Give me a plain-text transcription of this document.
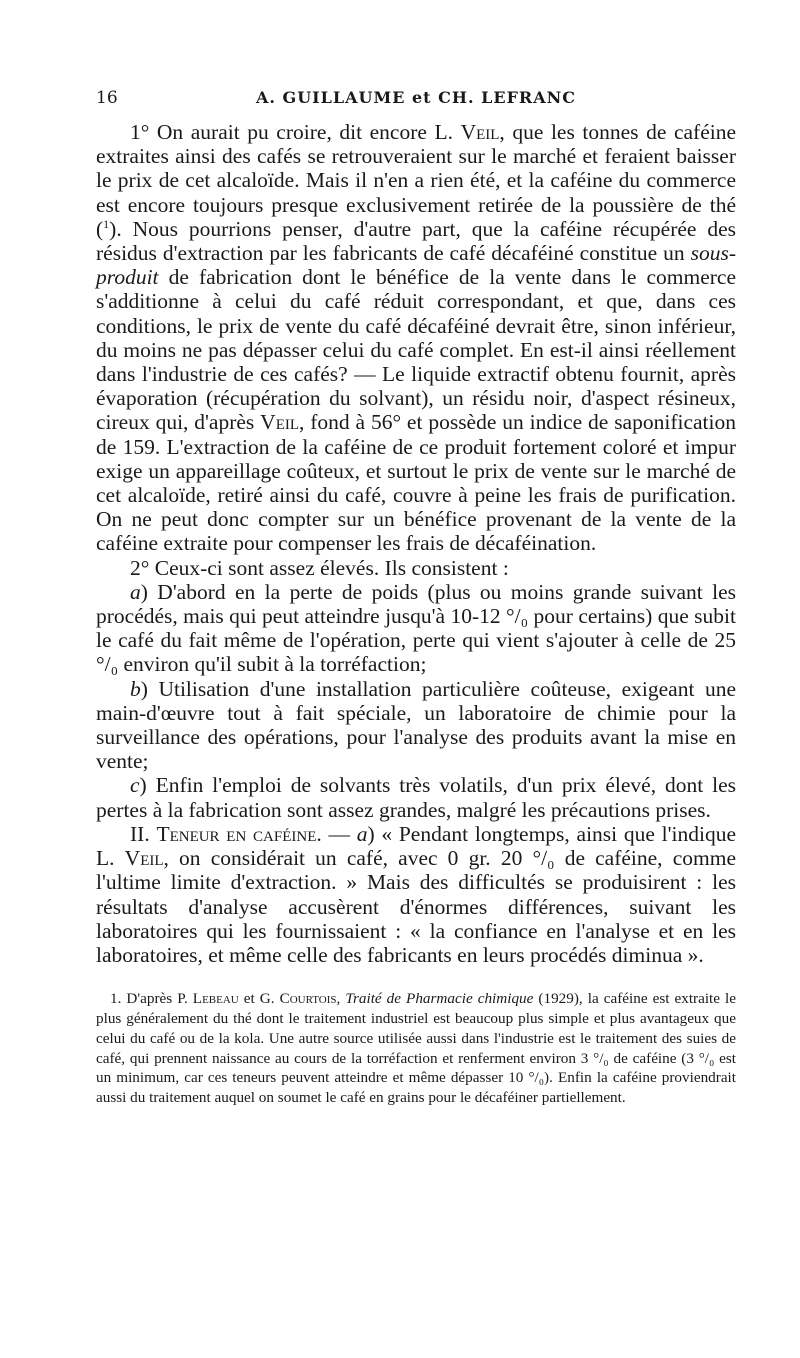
16	A. GUILLAUME et CH. LEFRANC

1° On aurait pu croire, dit encore L. Veil, que les tonnes de caféine extraites ainsi des cafés se retrouveraient sur le marché et feraient baisser le prix de cet alcaloïde. Mais il n'en a rien été, et la caféine du commerce est encore toujours presque exclusivement retirée de la poussière de thé ($^1$). Nous pourrions penser, d'autre part, que la caféine récupérée des résidus d'extraction par les fabricants de café décaféiné constitue un sous-produit de fabrication dont le bénéfice de la vente dans le commerce s'additionne à celui du café réduit correspondant, et que, dans ces conditions, le prix de vente du café décaféiné devrait être, sinon inférieur, du moins ne pas dépasser celui du café complet. En est-il ainsi réellement dans l'industrie de ces cafés? — Le liquide extractif obtenu fournit, après évaporation (récupération du solvant), un résidu noir, d'aspect résineux, cireux qui, d'après Veil, fond à 56° et possède un indice de saponification de 159. L'extraction de la caféine de ce produit fortement coloré et impur exige un appareillage coûteux, et surtout le prix de vente sur le marché de cet alcaloïde, retiré ainsi du café, couvre à peine les frais de purification. On ne peut donc compter sur un bénéfice provenant de la vente de la caféine extraite pour compenser les frais de décaféination.

2° Ceux-ci sont assez élevés. Ils consistent :

a) D'abord en la perte de poids (plus ou moins grande suivant les procédés, mais qui peut atteindre jusqu'à 10-12 °/₀ pour certains) que subit le café du fait même de l'opération, perte qui vient s'ajouter à celle de 25 °/₀ environ qu'il subit à la torréfaction;

b) Utilisation d'une installation particulière coûteuse, exigeant une main-d'œuvre tout à fait spéciale, un laboratoire de chimie pour la surveillance des opérations, pour l'analyse des produits avant la mise en vente;

c) Enfin l'emploi de solvants très volatils, d'un prix élevé, dont les pertes à la fabrication sont assez grandes, malgré les précautions prises.

II. Teneur en caféine. — a) « Pendant longtemps, ainsi que l'indique L. Veil, on considérait un café, avec 0 gr. 20 °/₀ de caféine, comme l'ultime limite d'extraction. » Mais des difficultés se produisirent : les résultats d'analyse accusèrent d'énormes différences, suivant les laboratoires qui les fournissaient : « la confiance en l'analyse et en les laboratoires, et même celle des fabricants en leurs procédés diminua ».

1. D'après P. Lebeau et G. Courtois, Traité de Pharmacie chimique (1929), la caféine est extraite le plus généralement du thé dont le traitement industriel est beaucoup plus simple et plus avantageux que celui du café ou de la kola. Une autre source utilisée aussi dans l'industrie est le traitement des suies de café, qui prennent naissance au cours de la torréfaction et renferment environ 3 °/₀ de caféine (3 °/₀ est un minimum, car ces teneurs peuvent atteindre et même dépasser 10 °/₀). Enfin la caféine proviendrait aussi du traitement auquel on soumet le café en grains pour le décaféiner partiellement.
